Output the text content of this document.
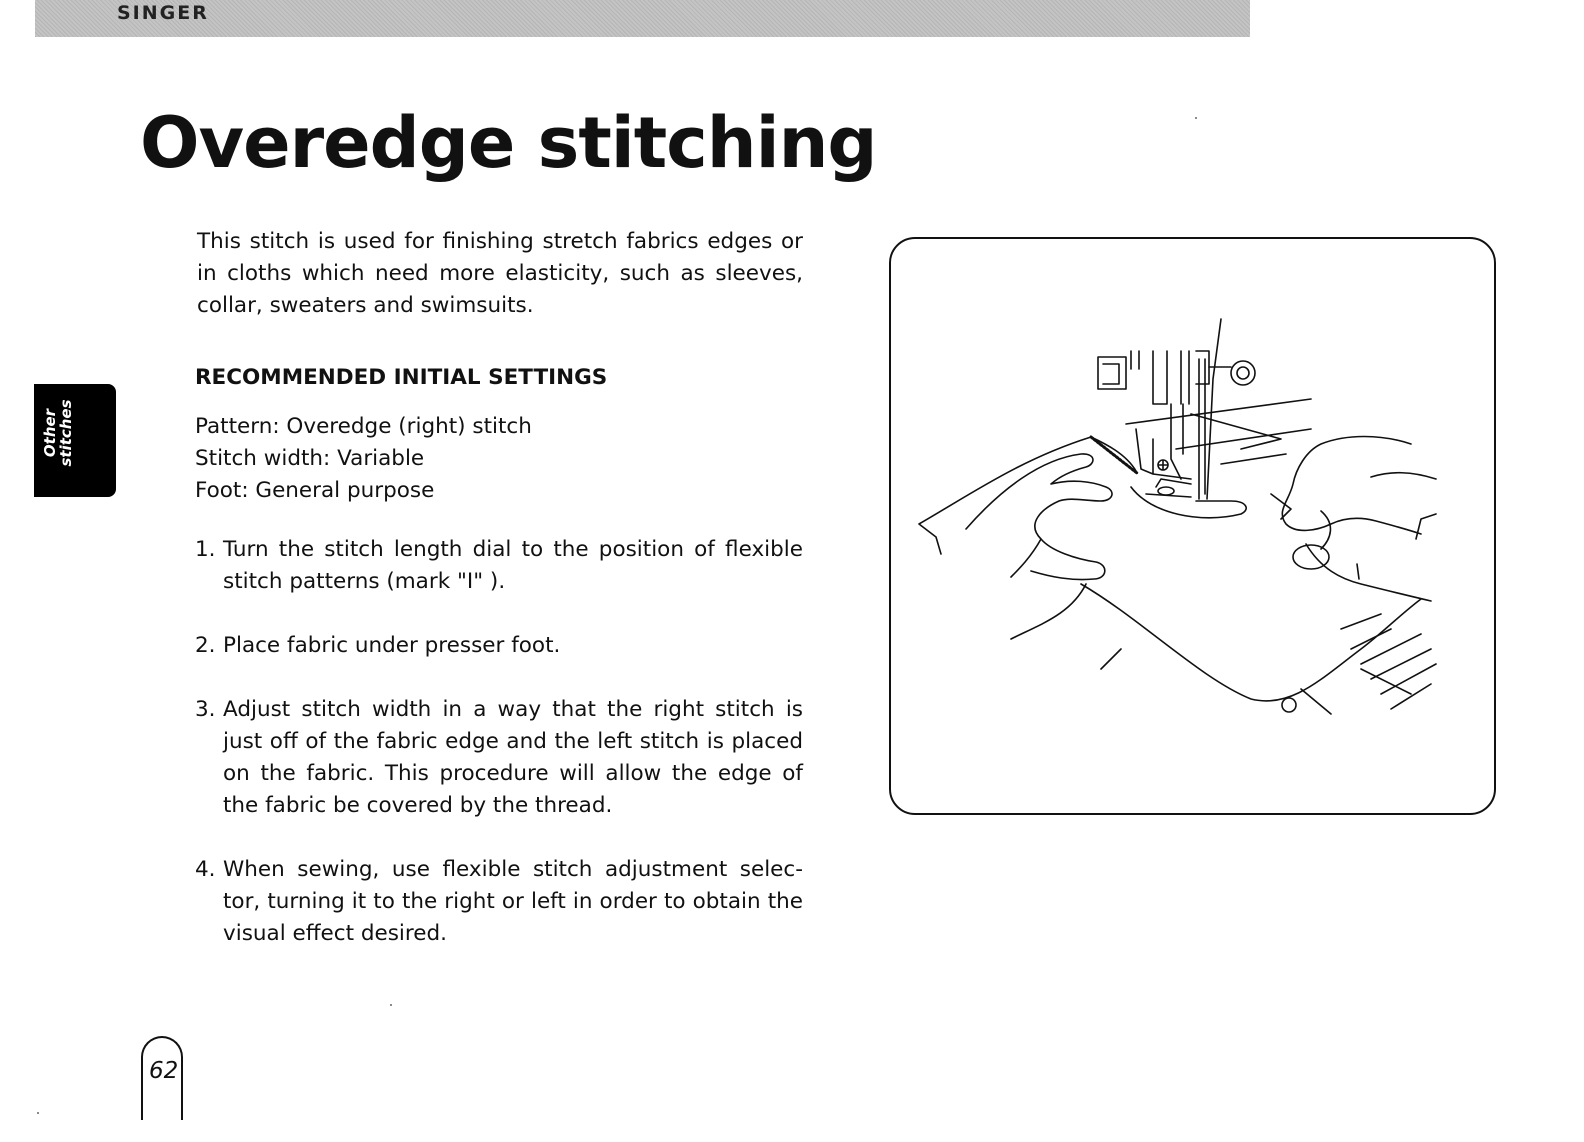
SINGER
Overedge stitching
Other
stitches

This stitch is used for finishing stretch fabrics edges or in cloths which need more elasticity, such as sleeves, collar, sweaters and swimsuits.

RECOMMENDED INITIAL SETTINGS
Pattern: Overedge (right) stitch
Stitch width: Variable
Foot: General purpose
1. Turn the stitch length dial to the position of flexible stitch patterns (mark "I" ).
2. Place fabric under presser foot.
3. Adjust stitch width in a way that the right stitch is just off of the fabric edge and the left stitch is placed on the fabric. This procedure will allow the edge of the fabric be covered by the thread.
4. When sewing, use flexible stitch adjustment selec-tor, turning it to the right or left in order to obtain the visual effect desired.
62
